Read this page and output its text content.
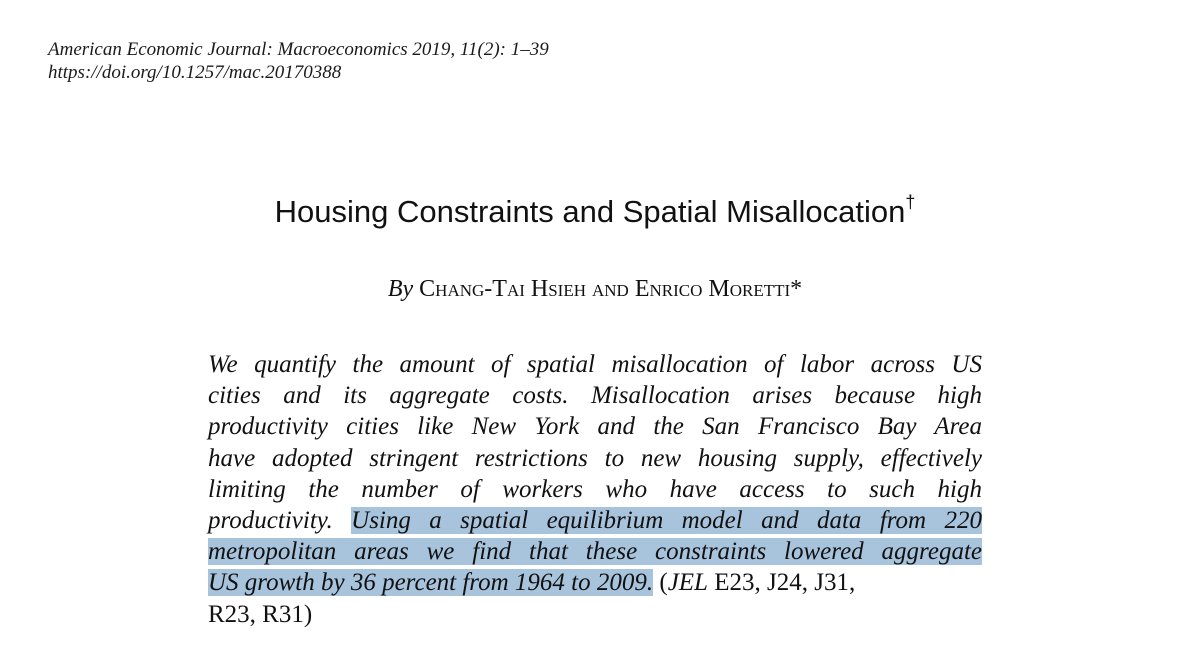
American Economic Journal: Macroeconomics 2019, 11(2): 1–39
https://doi.org/10.1257/mac.20170388
Housing Constraints and Spatial Misallocation†
By Chang-Tai Hsieh and Enrico Moretti*
We quantify the amount of spatial misallocation of labor across US
cities and its aggregate costs. Misallocation arises because high
productivity cities like New York and the San Francisco Bay Area
have adopted stringent restrictions to new housing supply, effectively
limiting the number of workers who have access to such high
productivity. Using a spatial equilibrium model and data from 220
metropolitan areas we find that these constraints lowered aggregate
US growth by 36 percent from 1964 to 2009. (JEL E23, J24, J31,
R23, R31)
